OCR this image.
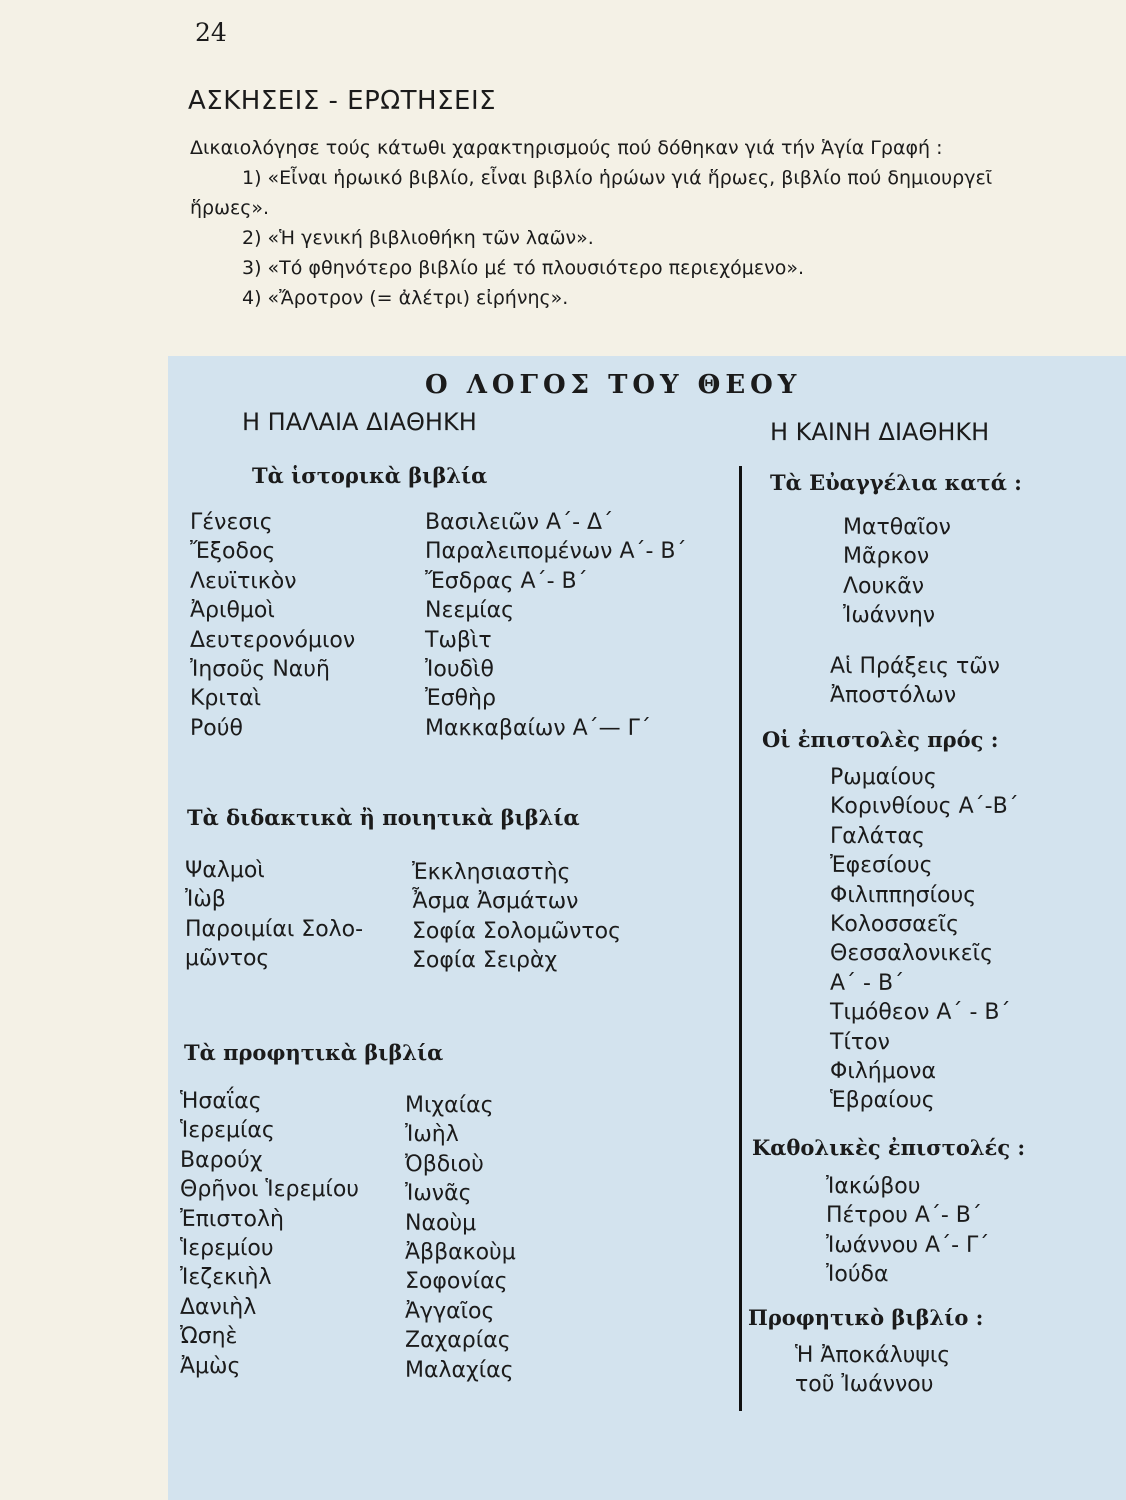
24
ΑΣΚΗΣΕΙΣ - ΕΡΩΤΗΣΕΙΣ

Δικαιολόγησε τούς κάτωθι χαρακτηρισμούς πού δόθηκαν γιά τήν Ἁγία Γραφή :

1) «Εἶναι ἡρωικό βιβλίο, εἶναι βιβλίο ἡρώων γιά ἥρωες, βιβλίο πού δημιουργεῖ ἥρωες».

2) «Ἡ γενική βιβλιοθήκη τῶν λαῶν».

3) «Τό φθηνότερο βιβλίο μέ τό πλουσιότερο περιεχόμενο».

4) «Ἄροτρον (= ἀλέτρι) εἰρήνης».

Ο ΛΟΓΟΣ ΤΟΥ ΘΕΟΥ
Η ΠΑΛΑΙΑ ΔΙΑΘΗΚΗ	Η ΚΑΙΝΗ ΔΙΑΘΗΚΗ
Τὰ ἱστορικὰ βιβλία
Γένεσις
Ἔξοδος
Λευϊτικὸν
Ἀριθμοὶ
Δευτερονόμιον
Ἰησοῦς Ναυῆ
Κριταὶ
Ρούθ
Βασιλειῶν Α΄- Δ΄
Παραλειπομένων Α΄- Β΄
Ἔσδρας Α΄- Β΄
Νεεμίας
Τωβὶτ
Ἰουδὶθ
Ἐσθὴρ
Μακκαβαίων Α΄— Γ΄
Τὰ διδακτικὰ ἢ ποιητικὰ βιβλία
Ψαλμοὶ
Ἰὼβ
Παροιμίαι Σολο-
μῶντος
Ἐκκλησιαστὴς
Ἆσμα Ἀσμάτων
Σοφία Σολομῶντος
Σοφία Σειρὰχ
Τὰ προφητικὰ βιβλία
Ἡσαΐας
Ἱερεμίας
Βαρούχ
Θρῆνοι Ἱερεμίου
Ἐπιστολὴ
Ἱερεμίου
Ἰεζεκιὴλ
Δανιὴλ
Ὠσηὲ
Ἀμὼς
Μιχαίας
Ἰωὴλ
Ὀβδιοὺ
Ἰωνᾶς
Ναοὺμ
Ἀββακοὺμ
Σοφονίας
Ἀγγαῖος
Ζαχαρίας
Μαλαχίας
Τὰ Εὐαγγέλια κατά :
Ματθαῖον
Μᾶρκον
Λουκᾶν
Ἰωάννην
Αἱ Πράξεις τῶν
Ἀποστόλων
Οἱ ἐπιστολὲς πρός :
Ρωμαίους
Κορινθίους Α΄-Β΄
Γαλάτας
Ἐφεσίους
Φιλιππησίους
Κολοσσαεῖς
Θεσσαλονικεῖς
Α΄ - Β΄
Τιμόθεον Α΄ - Β΄
Τίτον
Φιλήμονα
Ἑβραίους
Καθολικὲς ἐπιστολές :
Ἰακώβου
Πέτρου Α΄- Β΄
Ἰωάννου Α΄- Γ΄
Ἰούδα
Προφητικὸ βιβλίο :
Ἡ Ἀποκάλυψις
τοῦ Ἰωάννου
